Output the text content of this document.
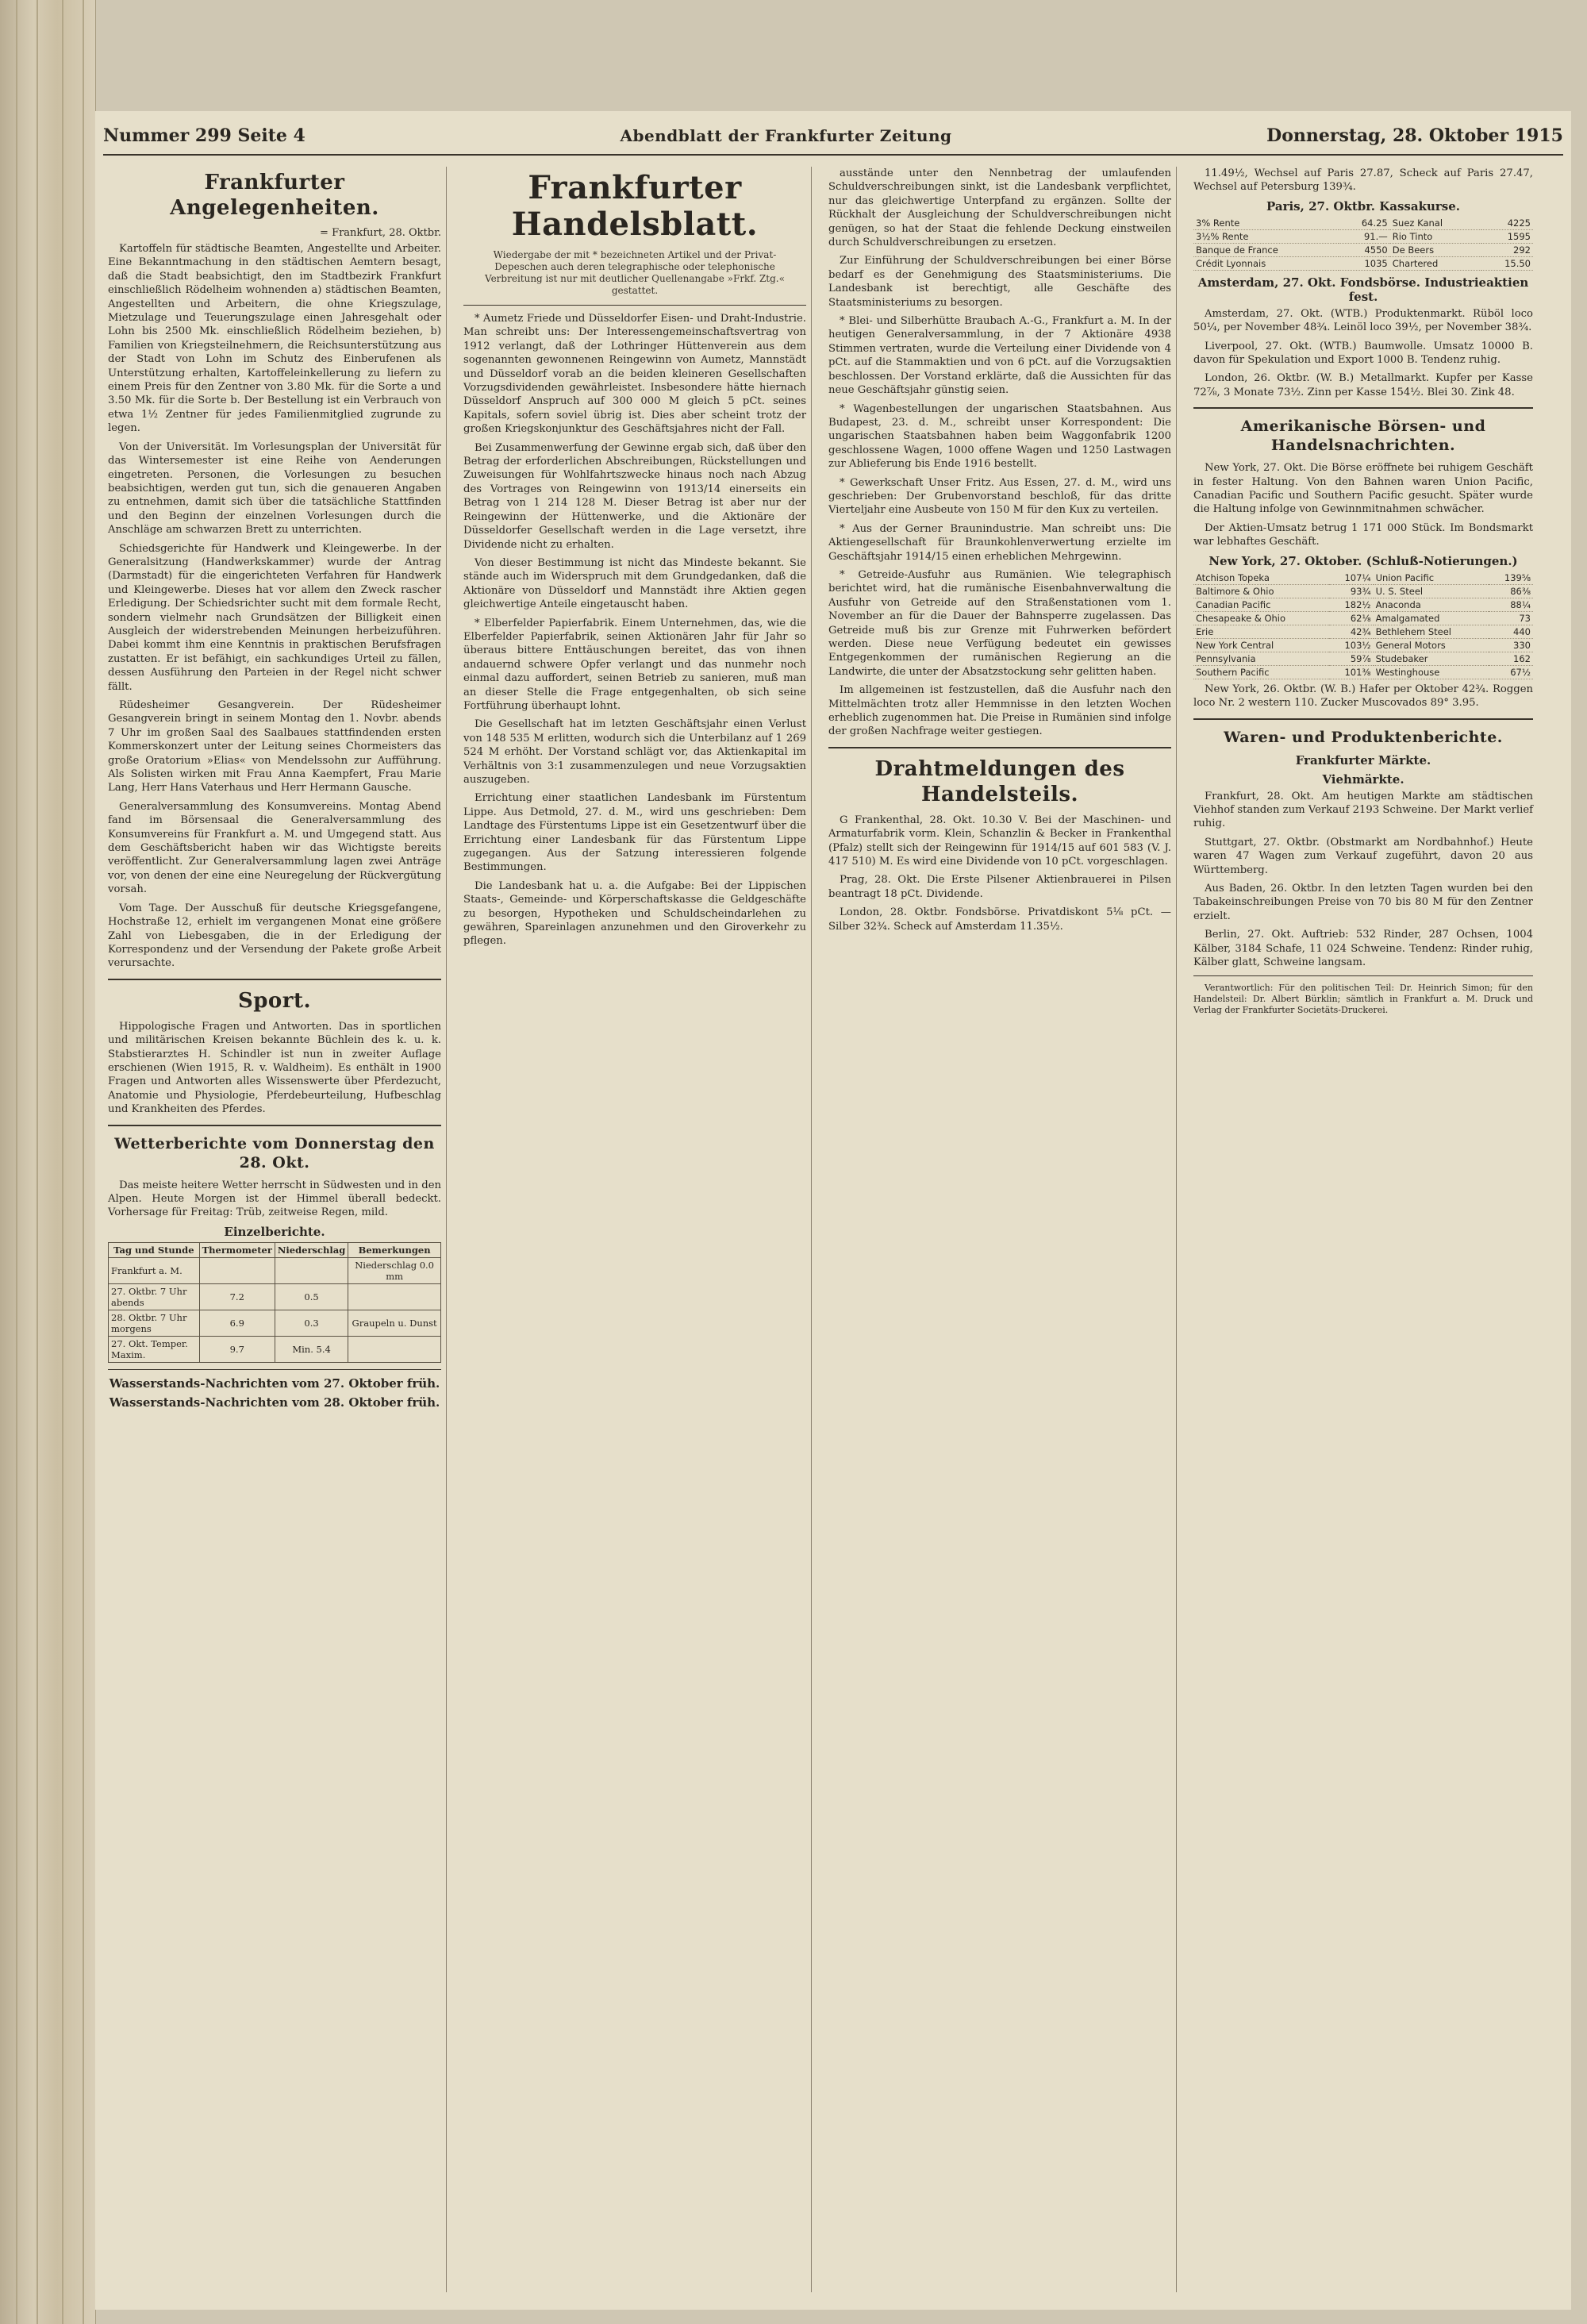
Nummer 299 Seite 4	Abendblatt der Frankfurter Zeitung	Donnerstag, 28. Oktober 1915
Frankfurter Angelegenheiten.
= Frankfurt, 28. Oktbr.

Kartoffeln für städtische Beamten, Angestellte und Arbeiter. Eine Bekanntmachung in den städtischen Aemtern besagt, daß die Stadt beabsichtigt, den im Stadtbezirk Frankfurt einschließlich Rödelheim wohnenden a) städtischen Beamten, Angestellten und Arbeitern, die ohne Kriegszulage, Mietzulage und Teuerungszulage einen Jahresgehalt oder Lohn bis 2500 Mk. einschließlich Rödelheim beziehen, b) Familien von Kriegsteilnehmern, die Reichsunterstützung aus der Stadt von Lohn im Schutz des Einberufenen als Unterstützung erhalten, Kartoffeleinkellerung zu liefern zu einem Preis für den Zentner von 3.80 Mk. für die Sorte a und 3.50 Mk. für die Sorte b. Der Bestellung ist ein Verbrauch von etwa 1½ Zentner für jedes Familienmitglied zugrunde zu legen.

Von der Universität. Im Vorlesungsplan der Universität für das Wintersemester ist eine Reihe von Aenderungen eingetreten. Personen, die Vorlesungen zu besuchen beabsichtigen, werden gut tun, sich die genaueren Angaben zu entnehmen, damit sich über die tatsächliche Stattfinden und den Beginn der einzelnen Vorlesungen durch die Anschläge am schwarzen Brett zu unterrichten.

Schiedsgerichte für Handwerk und Kleingewerbe. In der Generalsitzung (Handwerkskammer) wurde der Antrag (Darmstadt) für die eingerichteten Verfahren für Handwerk und Kleingewerbe. Dieses hat vor allem den Zweck rascher Erledigung. Der Schiedsrichter sucht mit dem formale Recht, sondern vielmehr nach Grundsätzen der Billigkeit einen Ausgleich der widerstrebenden Meinungen herbeizuführen. Dabei kommt ihm eine Kenntnis in praktischen Berufsfragen zustatten. Er ist befähigt, ein sachkundiges Urteil zu fällen, dessen Ausführung den Parteien in der Regel nicht schwer fällt.

Rüdesheimer Gesangverein. Der Rüdesheimer Gesangverein bringt in seinem Montag den 1. Novbr. abends 7 Uhr im großen Saal des Saalbaues stattfindenden ersten Kommerskonzert unter der Leitung seines Chormeisters das große Oratorium »Elias« von Mendelssohn zur Aufführung. Als Solisten wirken mit Frau Anna Kaempfert, Frau Marie Lang, Herr Hans Vaterhaus und Herr Hermann Gausche.

Generalversammlung des Konsumvereins. Montag Abend fand im Börsensaal die Generalversammlung des Konsumvereins für Frankfurt a. M. und Umgegend statt. Aus dem Geschäftsbericht haben wir das Wichtigste bereits veröffentlicht. Zur Generalversammlung lagen zwei Anträge vor, von denen der eine eine Neuregelung der Rückvergütung vorsah.

Vom Tage. Der Ausschuß für deutsche Kriegsgefangene, Hochstraße 12, erhielt im vergangenen Monat eine größere Zahl von Liebesgaben, die in der Erledigung der Korrespondenz und der Versendung der Pakete große Arbeit verursachte.

Sport.

Hippologische Fragen und Antworten. Das in sportlichen und militärischen Kreisen bekannte Büchlein des k. u. k. Stabstierarztes H. Schindler ist nun in zweiter Auflage erschienen (Wien 1915, R. v. Waldheim). Es enthält in 1900 Fragen und Antworten alles Wissenswerte über Pferdezucht, Anatomie und Physiologie, Pferdebeurteilung, Hufbeschlag und Krankheiten des Pferdes.

Wetterberichte vom Donnerstag den 28. Okt.

Das meiste heitere Wetter herrscht in Südwesten und in den Alpen. Heute Morgen ist der Himmel überall bedeckt. Vorhersage für Freitag: Trüb, zeitweise Regen, mild.

Einzelberichte.
Tag und Stunde	Thermometer	Niederschlag	Bemerkungen
Frankfurt a. M.			Niederschlag 0.0 mm
27. Oktbr. 7 Uhr abends	7.2	0.5	
28. Oktbr. 7 Uhr morgens	6.9	0.3	Graupeln u. Dunst
27. Okt. Temper. Maxim.	9.7	Min. 5.4	
Wasserstands-Nachrichten vom 27. Oktober früh.
Wasserstands-Nachrichten vom 28. Oktober früh.
Frankfurter Handelsblatt.
Wiedergabe der mit * bezeichneten Artikel und der Privat-Depeschen auch deren telegraphische oder telephonische Verbreitung ist nur mit deutlicher Quellenangabe »Frkf. Ztg.« gestattet.

* Aumetz Friede und Düsseldorfer Eisen- und Draht-Industrie. Man schreibt uns: Der Interessengemeinschaftsvertrag von 1912 verlangt, daß der Lothringer Hüttenverein aus dem sogenannten gewonnenen Reingewinn von Aumetz, Mannstädt und Düsseldorf vorab an die beiden kleineren Gesellschaften Vorzugsdividenden gewährleistet. Insbesondere hätte hiernach Düsseldorf Anspruch auf 300 000 M gleich 5 pCt. seines Kapitals, sofern soviel übrig ist. Dies aber scheint trotz der großen Kriegskonjunktur des Geschäftsjahres nicht der Fall.

Bei Zusammenwerfung der Gewinne ergab sich, daß über den Betrag der erforderlichen Abschreibungen, Rückstellungen und Zuweisungen für Wohlfahrtszwecke hinaus noch nach Abzug des Vortrages von Reingewinn von 1913/14 einerseits ein Betrag von 1 214 128 M. Dieser Betrag ist aber nur der Reingewinn der Hüttenwerke, und die Aktionäre der Düsseldorfer Gesellschaft werden in die Lage versetzt, ihre Dividende nicht zu erhalten.

Von dieser Bestimmung ist nicht das Mindeste bekannt. Sie stände auch im Widerspruch mit dem Grundgedanken, daß die Aktionäre von Düsseldorf und Mannstädt ihre Aktien gegen gleichwertige Anteile eingetauscht haben.

* Elberfelder Papierfabrik. Einem Unternehmen, das, wie die Elberfelder Papierfabrik, seinen Aktionären Jahr für Jahr so überaus bittere Enttäuschungen bereitet, das von ihnen andauernd schwere Opfer verlangt und das nunmehr noch einmal dazu auffordert, seinen Betrieb zu sanieren, muß man an dieser Stelle die Frage entgegenhalten, ob sich seine Fortführung überhaupt lohnt.

Die Gesellschaft hat im letzten Geschäftsjahr einen Verlust von 148 535 M erlitten, wodurch sich die Unterbilanz auf 1 269 524 M erhöht. Der Vorstand schlägt vor, das Aktienkapital im Verhältnis von 3:1 zusammenzulegen und neue Vorzugsaktien auszugeben.

Errichtung einer staatlichen Landesbank im Fürstentum Lippe. Aus Detmold, 27. d. M., wird uns geschrieben: Dem Landtage des Fürstentums Lippe ist ein Gesetzentwurf über die Errichtung einer Landesbank für das Fürstentum Lippe zugegangen. Aus der Satzung interessieren folgende Bestimmungen.

Die Landesbank hat u. a. die Aufgabe: Bei der Lippischen Staats-, Gemeinde- und Körperschaftskasse die Geldgeschäfte zu besorgen, Hypotheken und Schuldscheindarlehen zu gewähren, Spareinlagen anzunehmen und den Giroverkehr zu pflegen.

ausstände unter den Nennbetrag der umlaufenden Schuldverschreibungen sinkt, ist die Landesbank verpflichtet, nur das gleichwertige Unterpfand zu ergänzen. Sollte der Rückhalt der Ausgleichung der Schuldverschreibungen nicht genügen, so hat der Staat die fehlende Deckung einstweilen durch Schuldverschreibungen zu ersetzen.

Zur Einführung der Schuldverschreibungen bei einer Börse bedarf es der Genehmigung des Staatsministeriums. Die Landesbank ist berechtigt, alle Geschäfte des Staatsministeriums zu besorgen.

* Blei- und Silberhütte Braubach A.-G., Frankfurt a. M. In der heutigen Generalversammlung, in der 7 Aktionäre 4938 Stimmen vertraten, wurde die Verteilung einer Dividende von 4 pCt. auf die Stammaktien und von 6 pCt. auf die Vorzugsaktien beschlossen. Der Vorstand erklärte, daß die Aussichten für das neue Geschäftsjahr günstig seien.

* Wagenbestellungen der ungarischen Staatsbahnen. Aus Budapest, 23. d. M., schreibt unser Korrespondent: Die ungarischen Staatsbahnen haben beim Waggonfabrik 1200 geschlossene Wagen, 1000 offene Wagen und 1250 Lastwagen zur Ablieferung bis Ende 1916 bestellt.

* Gewerkschaft Unser Fritz. Aus Essen, 27. d. M., wird uns geschrieben: Der Grubenvorstand beschloß, für das dritte Vierteljahr eine Ausbeute von 150 M für den Kux zu verteilen.

* Aus der Gerner Braunindustrie. Man schreibt uns: Die Aktiengesellschaft für Braunkohlenverwertung erzielte im Geschäftsjahr 1914/15 einen erheblichen Mehrgewinn.

* Getreide-Ausfuhr aus Rumänien. Wie telegraphisch berichtet wird, hat die rumänische Eisenbahnverwaltung die Ausfuhr von Getreide auf den Straßenstationen vom 1. November an für die Dauer der Bahnsperre zugelassen. Das Getreide muß bis zur Grenze mit Fuhrwerken befördert werden. Diese neue Verfügung bedeutet ein gewisses Entgegenkommen der rumänischen Regierung an die Landwirte, die unter der Absatzstockung sehr gelitten haben.

Im allgemeinen ist festzustellen, daß die Ausfuhr nach den Mittelmächten trotz aller Hemmnisse in den letzten Wochen erheblich zugenommen hat. Die Preise in Rumänien sind infolge der großen Nachfrage weiter gestiegen.

Drahtmeldungen des Handelsteils.

G Frankenthal, 28. Okt. 10.30 V. Bei der Maschinen- und Armaturfabrik vorm. Klein, Schanzlin & Becker in Frankenthal (Pfalz) stellt sich der Reingewinn für 1914/15 auf 601 583 (V. J. 417 510) M. Es wird eine Dividende von 10 pCt. vorgeschlagen.

Prag, 28. Okt. Die Erste Pilsener Aktienbrauerei in Pilsen beantragt 18 pCt. Dividende.

London, 28. Oktbr. Fondsbörse. Privatdiskont 5⅛ pCt. — Silber 32¾. Scheck auf Amsterdam 11.35½.

11.49½, Wechsel auf Paris 27.87, Scheck auf Paris 27.47, Wechsel auf Petersburg 139¾.

Paris, 27. Oktbr. Kassakurse.
3% Rente	64.25	Suez Kanal	4225
3½% Rente	91.—	Rio Tinto	1595
Banque de France	4550	De Beers	292
Crédit Lyonnais	1035	Chartered	15.50
Amsterdam, 27. Okt. Fondsbörse. Industrieaktien fest.

Amsterdam, 27. Okt. (WTB.) Produktenmarkt. Rüböl loco 50¼, per November 48¾. Leinöl loco 39½, per November 38¾.

Liverpool, 27. Okt. (WTB.) Baumwolle. Umsatz 10000 B. davon für Spekulation und Export 1000 B. Tendenz ruhig.

London, 26. Oktbr. (W. B.) Metallmarkt. Kupfer per Kasse 72⅞, 3 Monate 73½. Zinn per Kasse 154½. Blei 30. Zink 48.

Amerikanische Börsen- und Handelsnachrichten.

New York, 27. Okt. Die Börse eröffnete bei ruhigem Geschäft in fester Haltung. Von den Bahnen waren Union Pacific, Canadian Pacific und Southern Pacific gesucht. Später wurde die Haltung infolge von Gewinnmitnahmen schwächer.

Der Aktien-Umsatz betrug 1 171 000 Stück. Im Bondsmarkt war lebhaftes Geschäft.

New York, 27. Oktober. (Schluß-Notierungen.)
Atchison Topeka	107¼	Union Pacific	139⅝
Baltimore & Ohio	93¾	U. S. Steel	86⅜
Canadian Pacific	182½	Anaconda	88¼
Chesapeake & Ohio	62⅛	Amalgamated	73
Erie	42¾	Bethlehem Steel	440
New York Central	103½	General Motors	330
Pennsylvania	59⅞	Studebaker	162
Southern Pacific	101⅜	Westinghouse	67½

New York, 26. Oktbr. (W. B.) Hafer per Oktober 42¾. Roggen loco Nr. 2 western 110. Zucker Muscovados 89° 3.95.

Waren- und Produktenberichte.
Frankfurter Märkte.
Viehmärkte.

Frankfurt, 28. Okt. Am heutigen Markte am städtischen Viehhof standen zum Verkauf 2193 Schweine. Der Markt verlief ruhig.

Stuttgart, 27. Oktbr. (Obstmarkt am Nordbahnhof.) Heute waren 47 Wagen zum Verkauf zugeführt, davon 20 aus Württemberg.

Aus Baden, 26. Oktbr. In den letzten Tagen wurden bei den Tabakeinschreibungen Preise von 70 bis 80 M für den Zentner erzielt.

Berlin, 27. Okt. Auftrieb: 532 Rinder, 287 Ochsen, 1004 Kälber, 3184 Schafe, 11 024 Schweine. Tendenz: Rinder ruhig, Kälber glatt, Schweine langsam.

Verantwortlich: Für den politischen Teil: Dr. Heinrich Simon; für den Handelsteil: Dr. Albert Bürklin; sämtlich in Frankfurt a. M. Druck und Verlag der Frankfurter Societäts-Druckerei.
